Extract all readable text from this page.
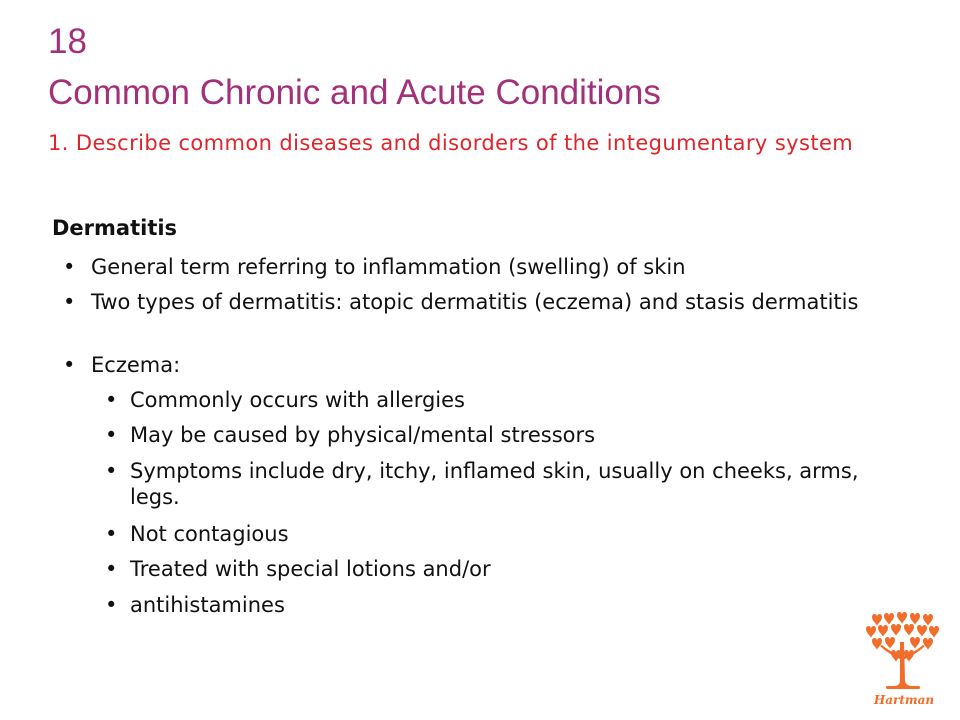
18
Common Chronic and Acute Conditions
1. Describe common diseases and disorders of the integumentary system
Dermatitis
• General term referring to inflammation (swelling) of skin
• Two types of dermatitis: atopic dermatitis (eczema) and stasis dermatitis
• Eczema:
• Commonly occurs with allergies
• May be caused by physical/mental stressors
• Symptoms include dry, itchy, inflamed skin, usually on cheeks, arms, legs.
• Not contagious
• Treated with special lotions and/or
• antihistamines
Hartman
